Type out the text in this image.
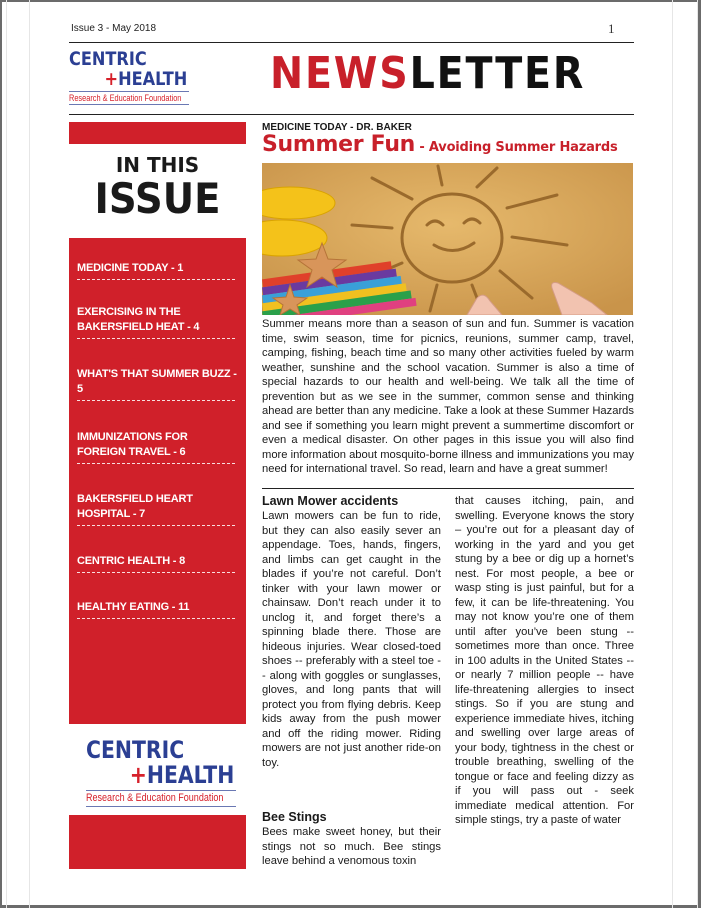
Issue 3 - May 2018	1
CENTRIC
+HEALTH
Research & Education Foundation NEWSLETTER
IN THIS
ISSUE
MEDICINE TODAY - 1
EXERCISING IN THE BAKERSFIELD HEAT - 4
WHAT'S THAT SUMMER BUZZ - 5
IMMUNIZATIONS FOR FOREIGN TRAVEL - 6
BAKERSFIELD HEART HOSPITAL - 7
CENTRIC HEALTH - 8
HEALTHY EATING - 11
CENTRIC
+HEALTH
Research & Education Foundation
MEDICINE TODAY - DR. BAKER
Summer Fun - Avoiding Summer Hazards
Summer means more than a season of sun and fun. Summer is vacation time, swim season, time for picnics, reunions, summer camp, travel, camping, fishing, beach time and so many other activities fueled by warm weather, sunshine and the school vacation. Summer is also a time of special hazards to our health and well-being. We talk all the time of prevention but as we see in the summer, common sense and thinking ahead are better than any medicine. Take a look at these Summer Hazards and see if something you learn might prevent a summertime discomfort or even a medical disaster. On other pages in this issue you will also find more information about mosquito-borne illness and immunizations you may need for international travel. So read, learn and have a great summer!
Lawn Mower accidents
Lawn mowers can be fun to ride, but they can also easily sever an appendage. Toes, hands, fingers, and limbs can get caught in the blades if you’re not careful. Don’t tinker with your lawn mower or chainsaw. Don’t reach under it to unclog it, and forget there’s a spinning blade there. Those are hideous injuries. Wear closed-toed shoes -- preferably with a steel toe -- along with goggles or sunglasses, gloves, and long pants that will protect you from flying debris. Keep kids away from the push mower and off the riding mower. Riding mowers are not just another ride-on toy.
Bee Stings
Bees make sweet honey, but their stings not so much. Bee stings leave behind a venomous toxin
that causes itching, pain, and swelling. Everyone knows the story – you’re out for a pleasant day of working in the yard and you get stung by a bee or dig up a hornet’s nest. For most people, a bee or wasp sting is just painful, but for a few, it can be life-threatening. You may not know you’re one of them until after you’ve been stung -- sometimes more than once. Three in 100 adults in the United States -- or nearly 7 million people -- have life-threatening allergies to insect stings. So if you are stung and experience immediate hives, itching and swelling over large areas of your body, tightness in the chest or trouble breathing, swelling of the tongue or face and feeling dizzy as if you will pass out - seek immediate medical attention. For simple stings, try a paste of water
